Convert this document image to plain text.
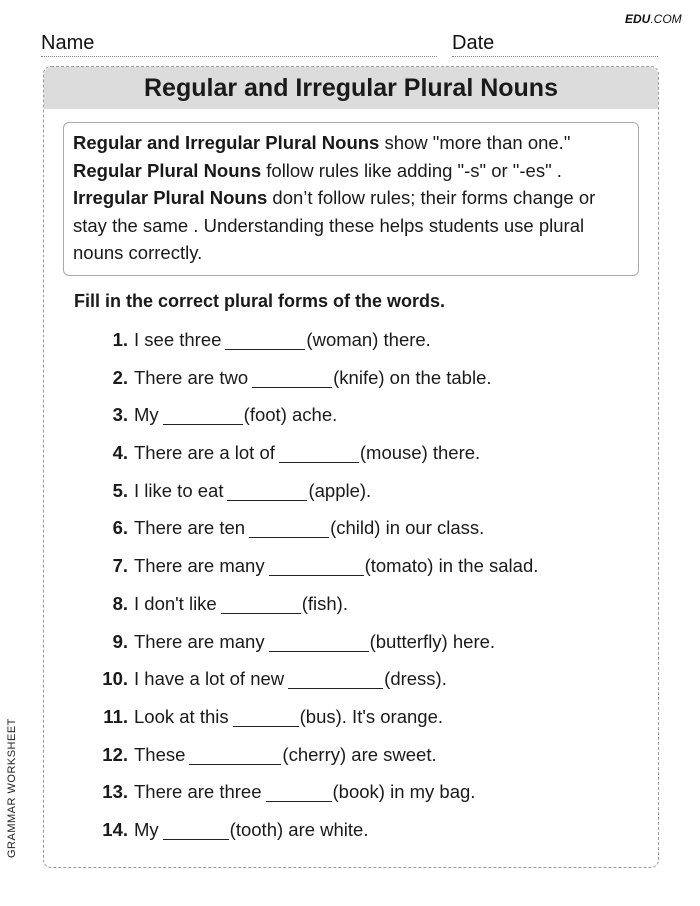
EDU.COM
Name	Date
Regular and Irregular Plural Nouns
Regular and Irregular Plural Nouns show "more than one."
Regular Plural Nouns follow rules like adding "-s" or "-es" .
Irregular Plural Nouns don’t follow rules; their forms change or stay the same . Understanding these helps students use plural nouns correctly.
Fill in the correct plural forms of the words.
1. I see three	(woman) there.
2. There are two	(knife) on the table.
3. My	(foot) ache.
4. There are a lot of	(mouse) there.
5. I like to eat	(apple).
6. There are ten	(child) in our class.
7. There are many	(tomato) in the salad.
8. I don't like	(fish).
9. There are many	(butterfly) here.
10. I have a lot of new	(dress).
11. Look at this	(bus). It's orange.
12. These	(cherry) are sweet.
13. There are three	(book) in my bag.
14. My	(tooth) are white.
GRAMMAR WORKSHEET
